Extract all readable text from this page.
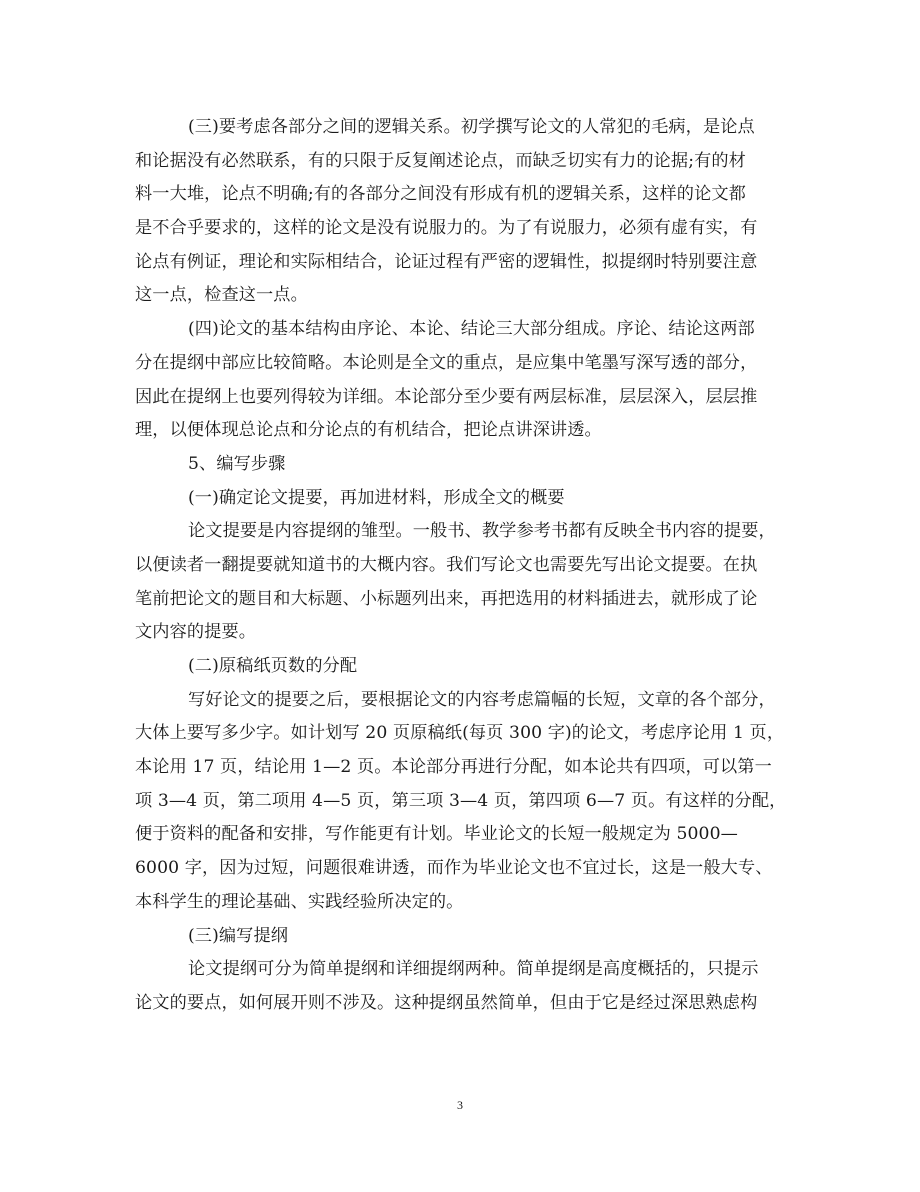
(三)要考虑各部分之间的逻辑关系。初学撰写论文的人常犯的毛病，是论点
和论据没有必然联系，有的只限于反复阐述论点，而缺乏切实有力的论据;有的材
料一大堆，论点不明确;有的各部分之间没有形成有机的逻辑关系，这样的论文都
是不合乎要求的，这样的论文是没有说服力的。为了有说服力，必须有虚有实，有
论点有例证，理论和实际相结合，论证过程有严密的逻辑性，拟提纲时特别要注意
这一点，检查这一点。
(四)论文的基本结构由序论、本论、结论三大部分组成。序论、结论这两部
分在提纲中部应比较简略。本论则是全文的重点，是应集中笔墨写深写透的部分，
因此在提纲上也要列得较为详细。本论部分至少要有两层标准，层层深入，层层推
理，以便体现总论点和分论点的有机结合，把论点讲深讲透。
5、编写步骤
(一)确定论文提要，再加进材料，形成全文的概要
论文提要是内容提纲的雏型。一般书、教学参考书都有反映全书内容的提要，
以便读者一翻提要就知道书的大概内容。我们写论文也需要先写出论文提要。在执
笔前把论文的题目和大标题、小标题列出来，再把选用的材料插进去，就形成了论
文内容的提要。
(二)原稿纸页数的分配
写好论文的提要之后，要根据论文的内容考虑篇幅的长短，文章的各个部分，
大体上要写多少字。如计划写 20 页原稿纸(每页 300 字)的论文，考虑序论用 1 页，
本论用 17 页，结论用 1—2 页。本论部分再进行分配，如本论共有四项，可以第一
项 3—4 页，第二项用 4—5 页，第三项 3—4 页，第四项 6—7 页。有这样的分配，
便于资料的配备和安排，写作能更有计划。毕业论文的长短一般规定为 5000—
6000 字，因为过短，问题很难讲透，而作为毕业论文也不宜过长，这是一般大专、
本科学生的理论基础、实践经验所决定的。
(三)编写提纲
论文提纲可分为简单提纲和详细提纲两种。简单提纲是高度概括的，只提示
论文的要点，如何展开则不涉及。这种提纲虽然简单，但由于它是经过深思熟虑构
3
